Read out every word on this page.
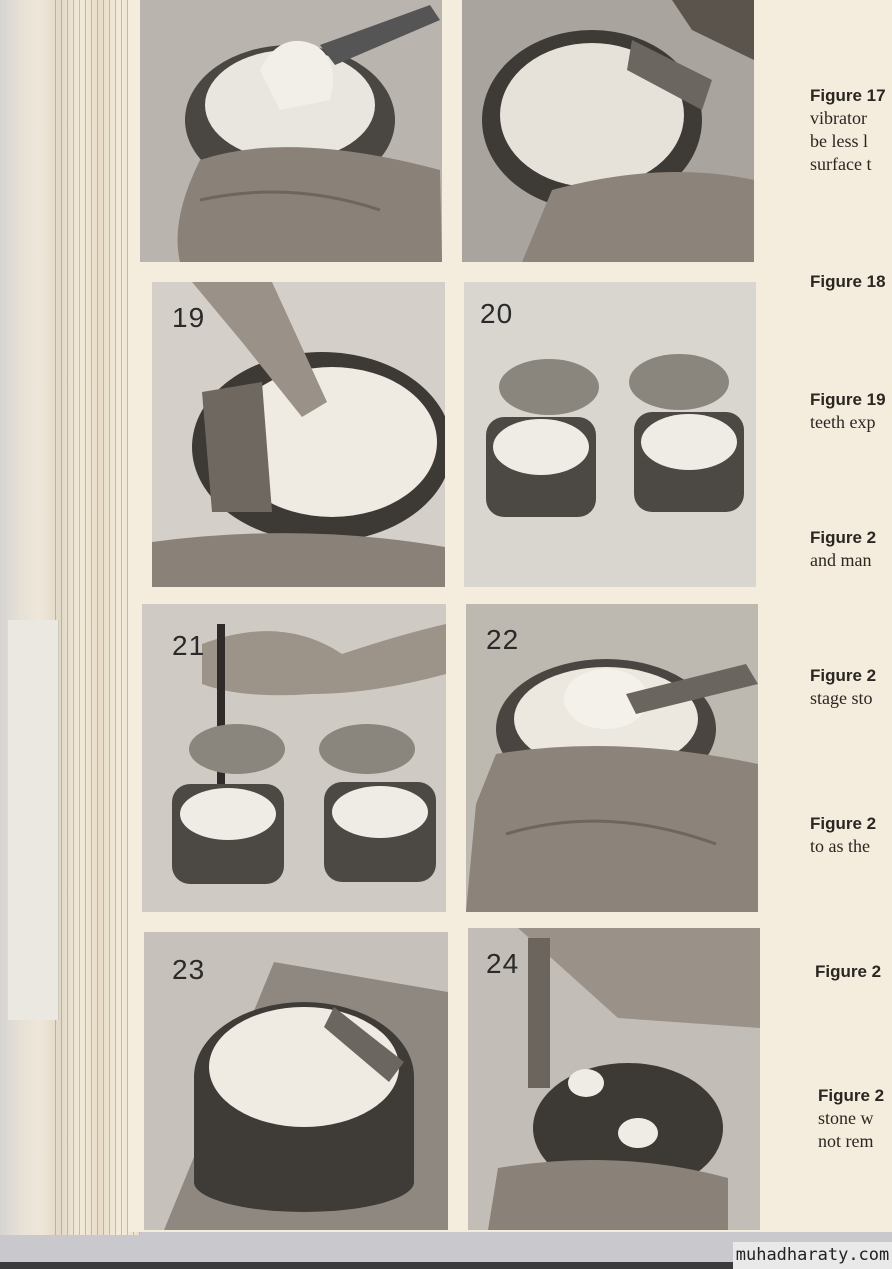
19	20
21	22
23	24
Figure 17
vibrator
be less l
surface t
Figure 18
Figure 19
teeth exp
Figure 2
and man
Figure 2
stage sto
Figure 2
to as the
Figure 2
Figure 2
stone w
not rem
muhadharaty.com
